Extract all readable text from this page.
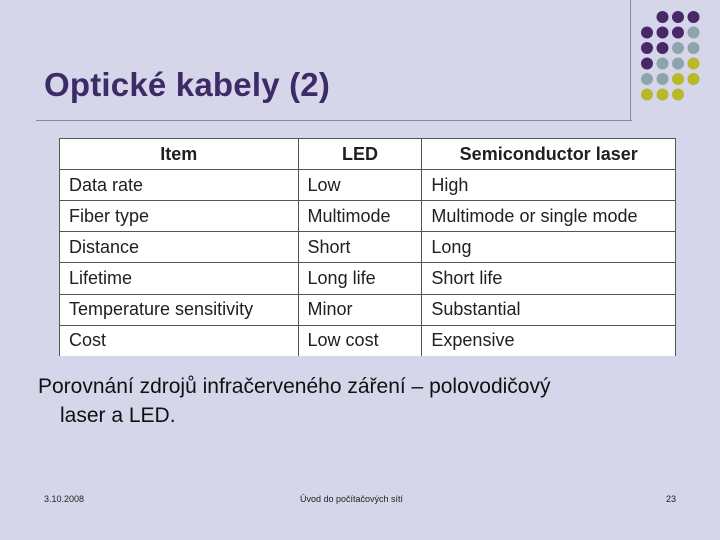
Optické kabely (2)
Item	LED	Semiconductor laser
Data rate	Low	High
Fiber type	Multimode	Multimode or single mode
Distance	Short	Long
Lifetime	Long life	Short life
Temperature sensitivity	Minor	Substantial
Cost	Low cost	Expensive
Porovnání zdrojů infračerveného záření – polovodičový
laser a LED.
3.10.2008	Úvod do počítačových sítí	23
